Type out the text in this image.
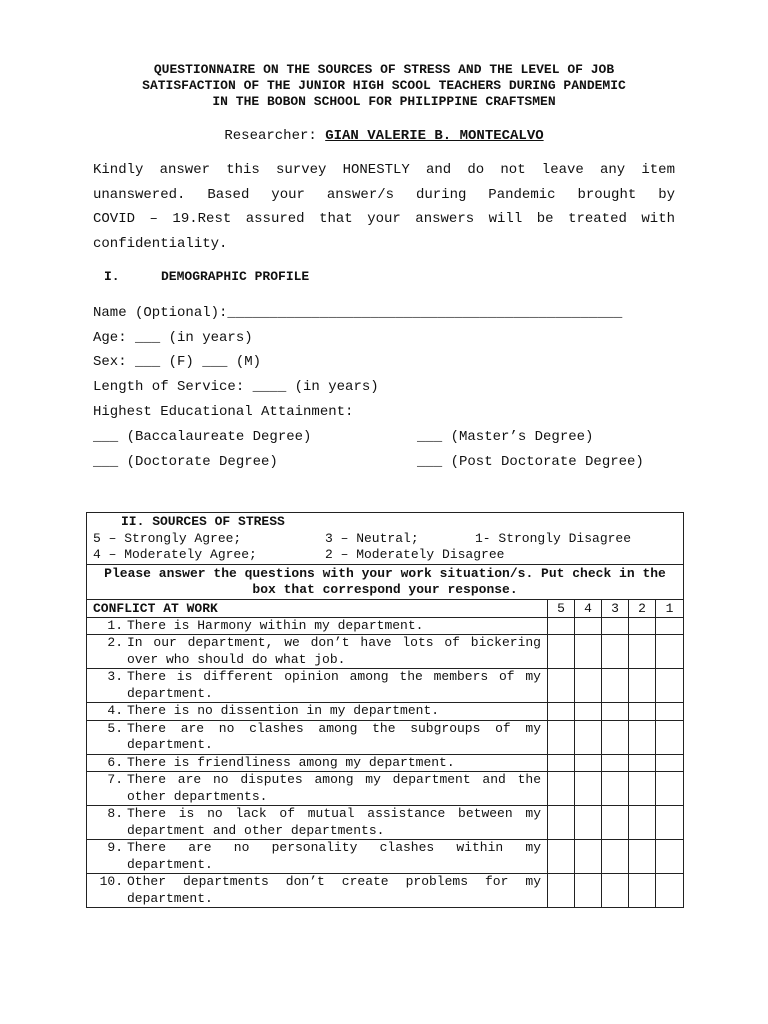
QUESTIONNAIRE ON THE SOURCES OF STRESS AND THE LEVEL OF JOB
SATISFACTION OF THE JUNIOR HIGH SCOOL TEACHERS DURING PANDEMIC
IN THE BOBON SCHOOL FOR PHILIPPINE CRAFTSMEN
Researcher: GIAN VALERIE B. MONTECALVO
Kindly answer this survey HONESTLY and do not leave any item
unanswered. Based your answer/s during Pandemic brought by
COVID – 19.Rest assured that your answers will be treated with
confidentiality.
I.	DEMOGRAPHIC PROFILE
Name (Optional):_______________________________________________
Age: ___ (in years)
Sex: ___ (F) ___ (M)
Length of Service: ____ (in years)
Highest Educational Attainment:
___ (Baccalaureate Degree)	___ (Master’s Degree)
___ (Doctorate Degree)	___ (Post Doctorate Degree)
II. SOURCES OF STRESS
5 – Strongly Agree; 3 – Neutral; 1- Strongly Disagree
4 – Moderately Agree; 2 – Moderately Disagree					

Please answer the questions with your work situation/s. Put check in the box that correspond your response.					
CONFLICT AT WORK	5	4	3	2	1

1. There is Harmony within my department.					

2. In our department, we don’t have lots of bickering over who should do what job.					

3. There is different opinion among the members of my department.					

4. There is no dissention in my department.					

5. There are no clashes among the subgroups of my department.					

6. There is friendliness among my department.					

7. There are no disputes among my department and the other departments.					

8. There is no lack of mutual assistance between my department and other departments.					

9. There are no personality clashes within my department.					

10. Other departments don’t create problems for my department.					
